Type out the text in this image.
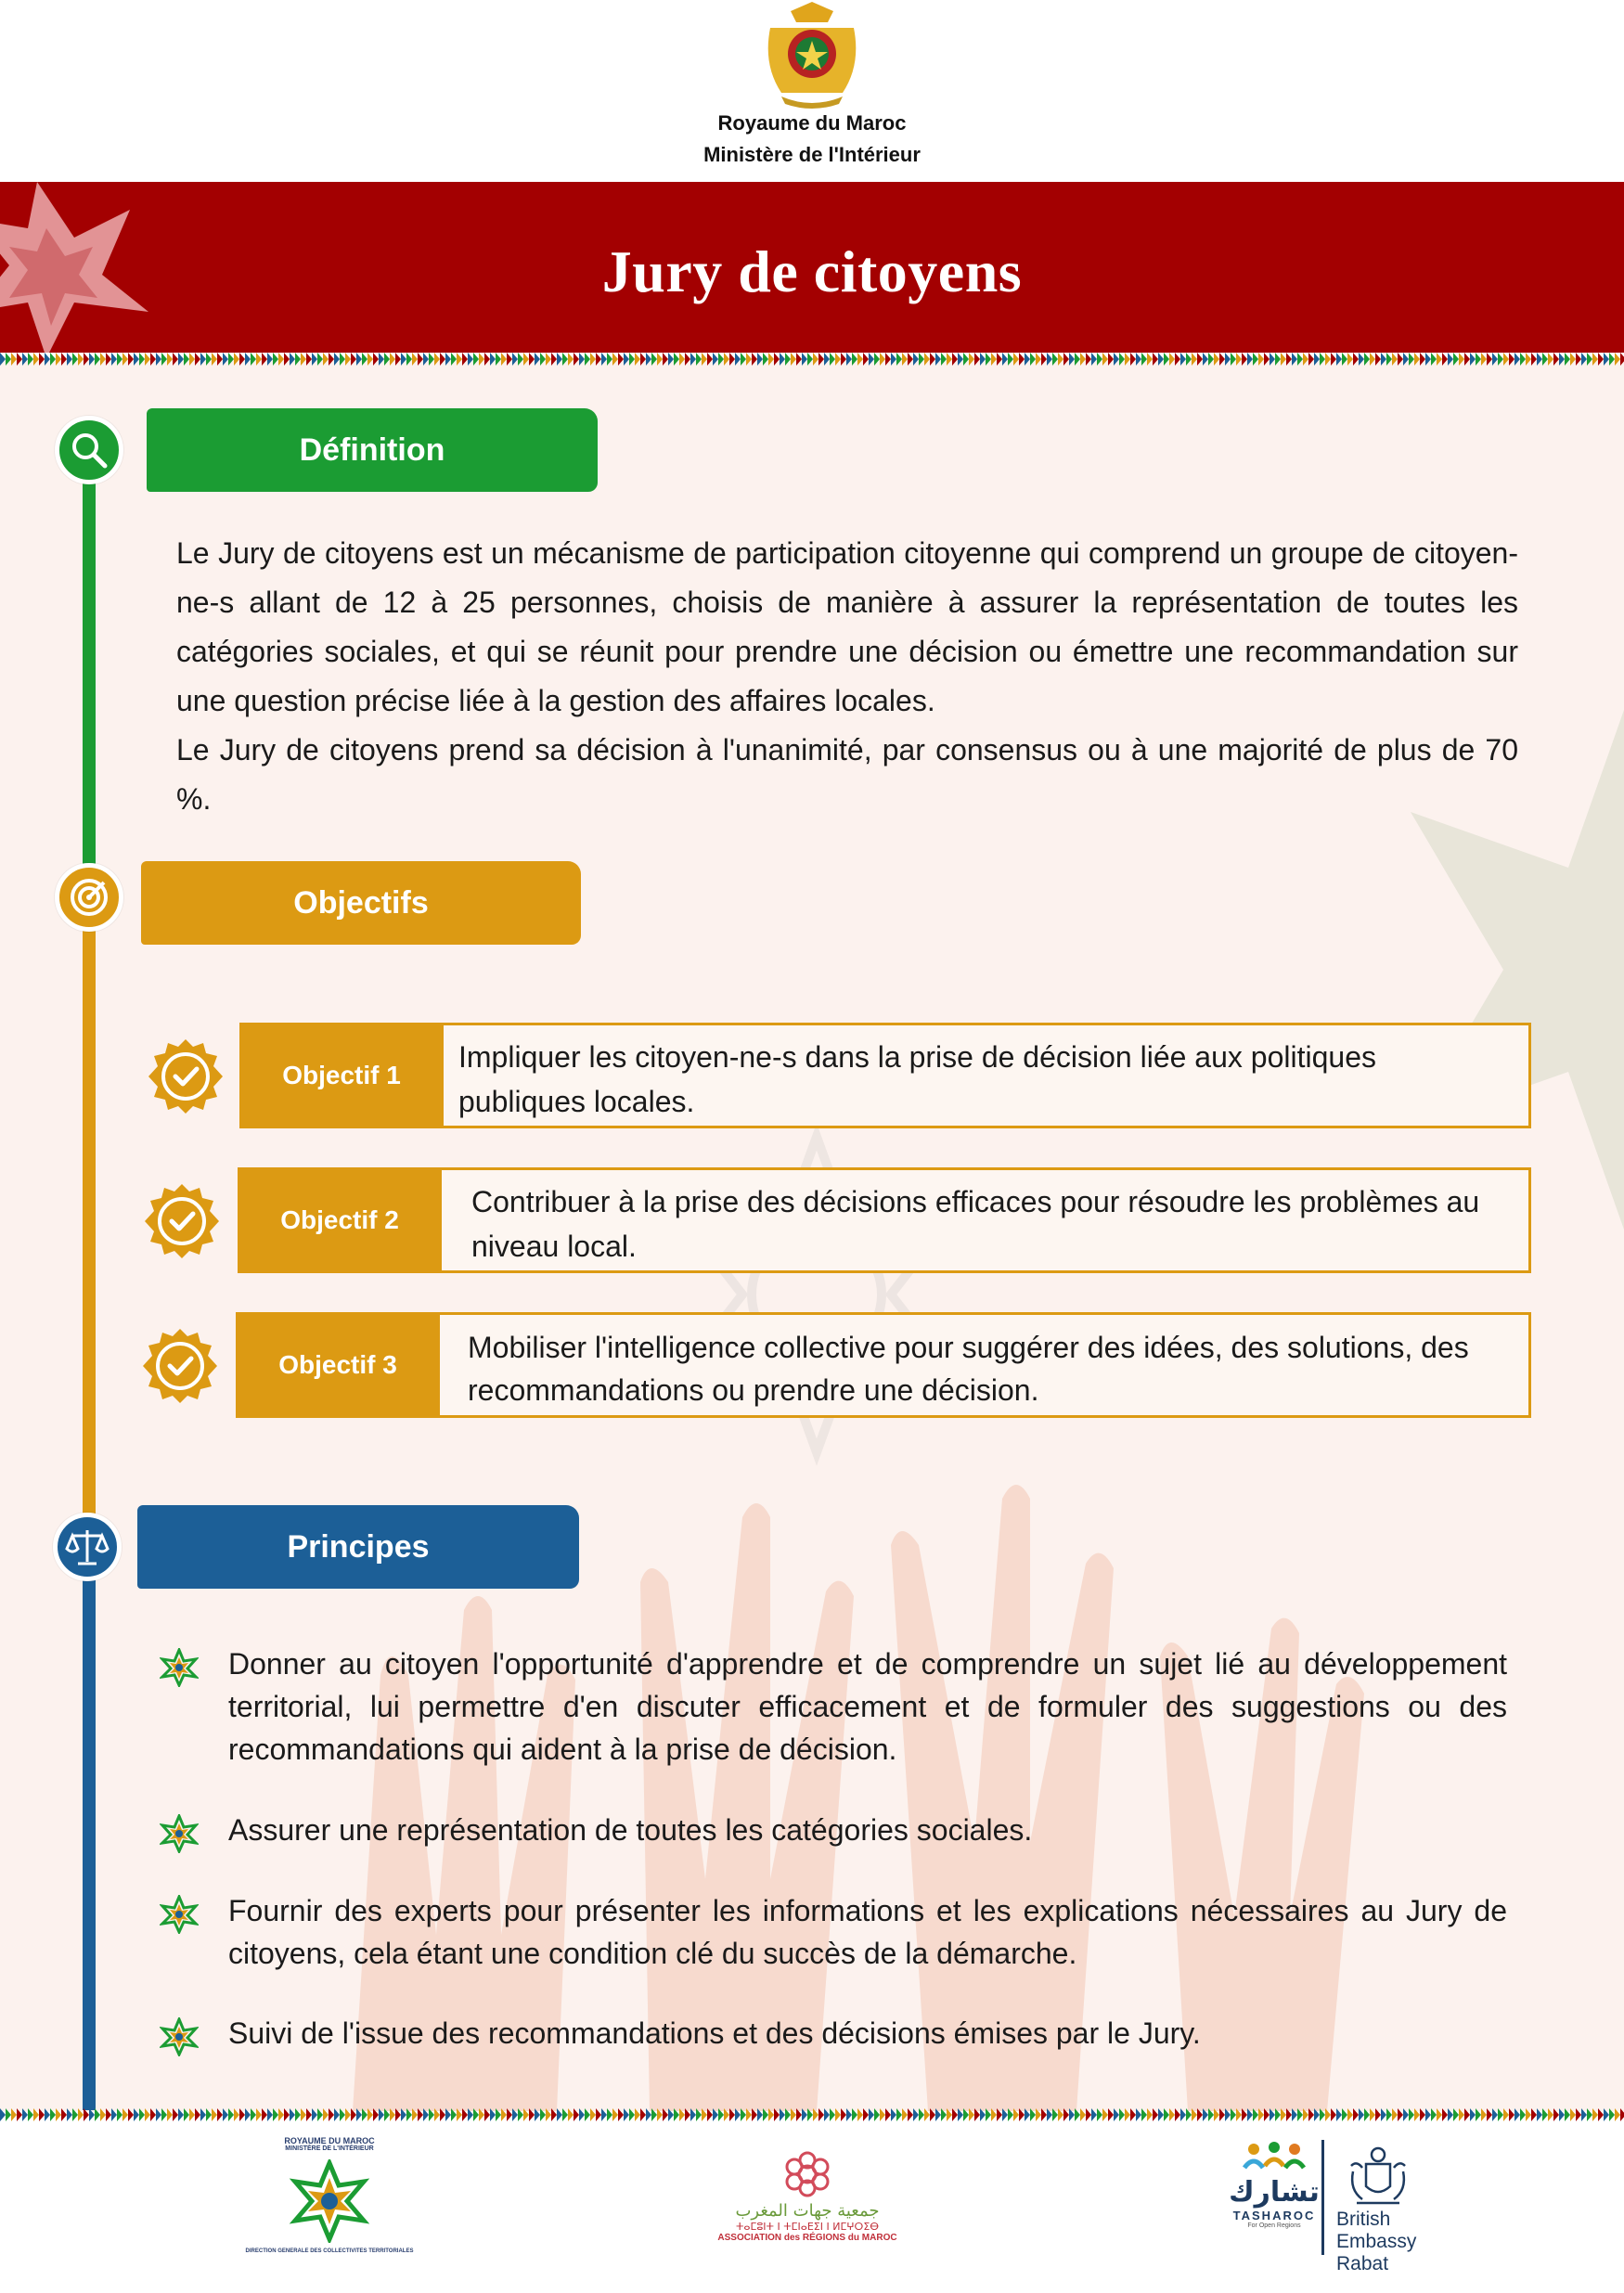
Royaume du Maroc
Ministère de l'Intérieur
Jury de citoyens
Définition

Le Jury de citoyens est un mécanisme de participation citoyenne qui comprend un groupe de citoyen-ne-s allant de 12 à 25 personnes, choisis de manière à assurer la représentation de toutes les catégories sociales, et qui se réunit pour prendre une décision ou émettre une recommandation sur une question précise liée à la gestion des affaires locales.

Le Jury de citoyens prend sa décision à l'unanimité, par consensus ou à une majorité de plus de 70 %.

Objectifs
Objectif 1
Impliquer les citoyen-ne-s dans la prise de décision liée aux politiques publiques locales.
Objectif 2
Contribuer à la prise des décisions efficaces pour résoudre les problèmes au niveau local.
Objectif 3
Mobiliser l'intelligence collective pour suggérer des idées, des solutions, des recommandations ou prendre une décision.
Principes
Donner au citoyen l'opportunité d'apprendre et de comprendre un sujet lié au développement territorial, lui permettre d'en discuter efficacement et de formuler des suggestions ou des recommandations qui aident à la prise de décision.
Assurer une représentation de toutes les catégories sociales.
Fournir des experts pour présenter les informations et les explications nécessaires au Jury de citoyens, cela étant une condition clé du succès de la démarche.
Suivi de l'issue des recommandations et des décisions émises par le Jury.
ROYAUME DU MAROC
MINISTÈRE DE L'INTÉRIEUR
DIRECTION GENERALE DES COLLECTIVITES TERRITORIALES
جمعية جهات المغرب
ⵜⴰⵎⵓⵏⵜ ⵏ ⵜⵎⵏⴰⴹⵉⵏ ⵏ ⵍⵎⵖⵔⵉⴱ
ASSOCIATION des RÉGIONS du MAROC
تشارك
TASHAROC
For Open Regions	British Embassy
Rabat
